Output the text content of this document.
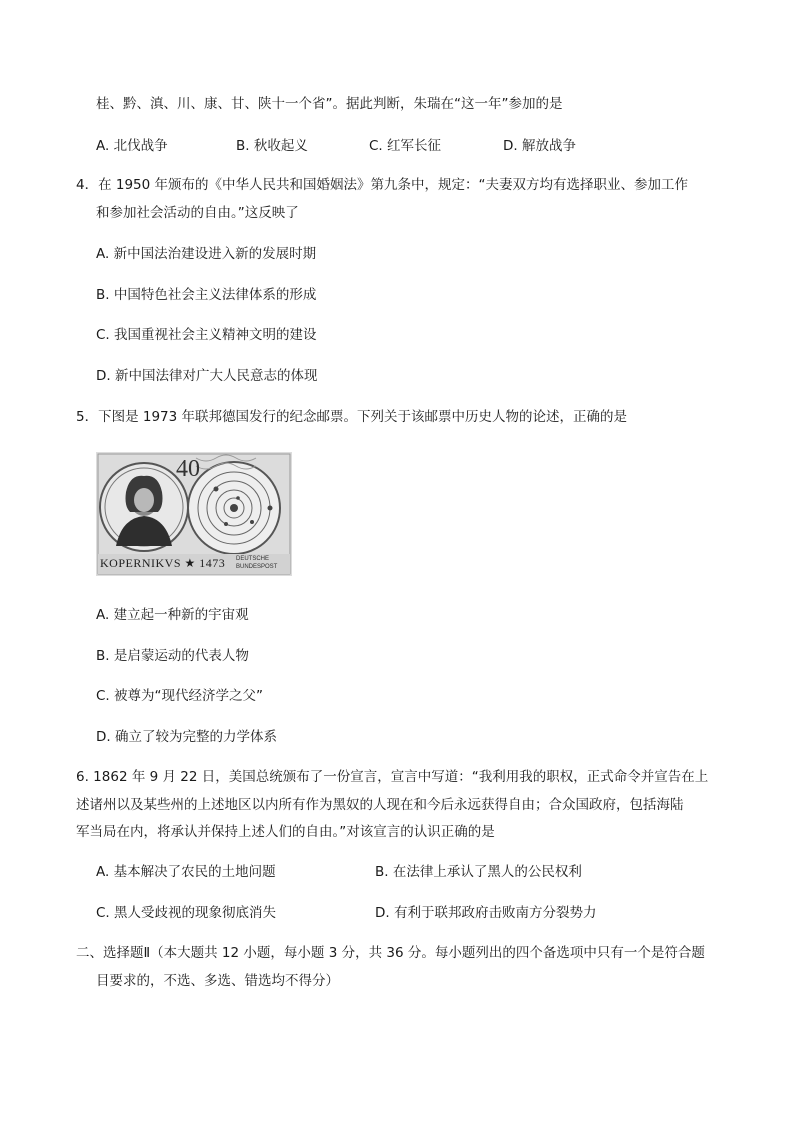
桂、黔、滇、川、康、甘、陕十一个省”。据此判断，朱瑞在“这一年”参加的是
A. 北伐战争	B. 秋收起义	C. 红军长征	D. 解放战争
4．在 1950 年颁布的《中华人民共和国婚姻法》第九条中，规定：“夫妻双方均有选择职业、参加工作
和参加社会活动的自由。”这反映了
A. 新中国法治建设进入新的发展时期
B. 中国特色社会主义法律体系的形成
C. 我国重视社会主义精神文明的建设
D. 新中国法律对广大人民意志的体现
5．下图是 1973 年联邦德国发行的纪念邮票。下列关于该邮票中历史人物的论述，正确的是
40
KOPERNIKVS ★ 1473 DEUTSCHE
BUNDESPOST
A. 建立起一种新的宇宙观
B. 是启蒙运动的代表人物
C. 被尊为“现代经济学之父”
D. 确立了较为完整的力学体系
6. 1862 年 9 月 22 日，美国总统颁布了一份宣言，宣言中写道：“我利用我的职权，正式命令并宣告在上
述诸州以及某些州的上述地区以内所有作为黑奴的人现在和今后永远获得自由；合众国政府，包括海陆
军当局在内，将承认并保持上述人们的自由。”对该宣言的认识正确的是
A. 基本解决了农民的土地问题	B. 在法律上承认了黑人的公民权利
C. 黑人受歧视的现象彻底消失	D. 有利于联邦政府击败南方分裂势力
二、选择题Ⅱ（本大题共 12 小题，每小题 3 分，共 36 分。每小题列出的四个备选项中只有一个是符合题
目要求的，不选、多选、错选均不得分）
